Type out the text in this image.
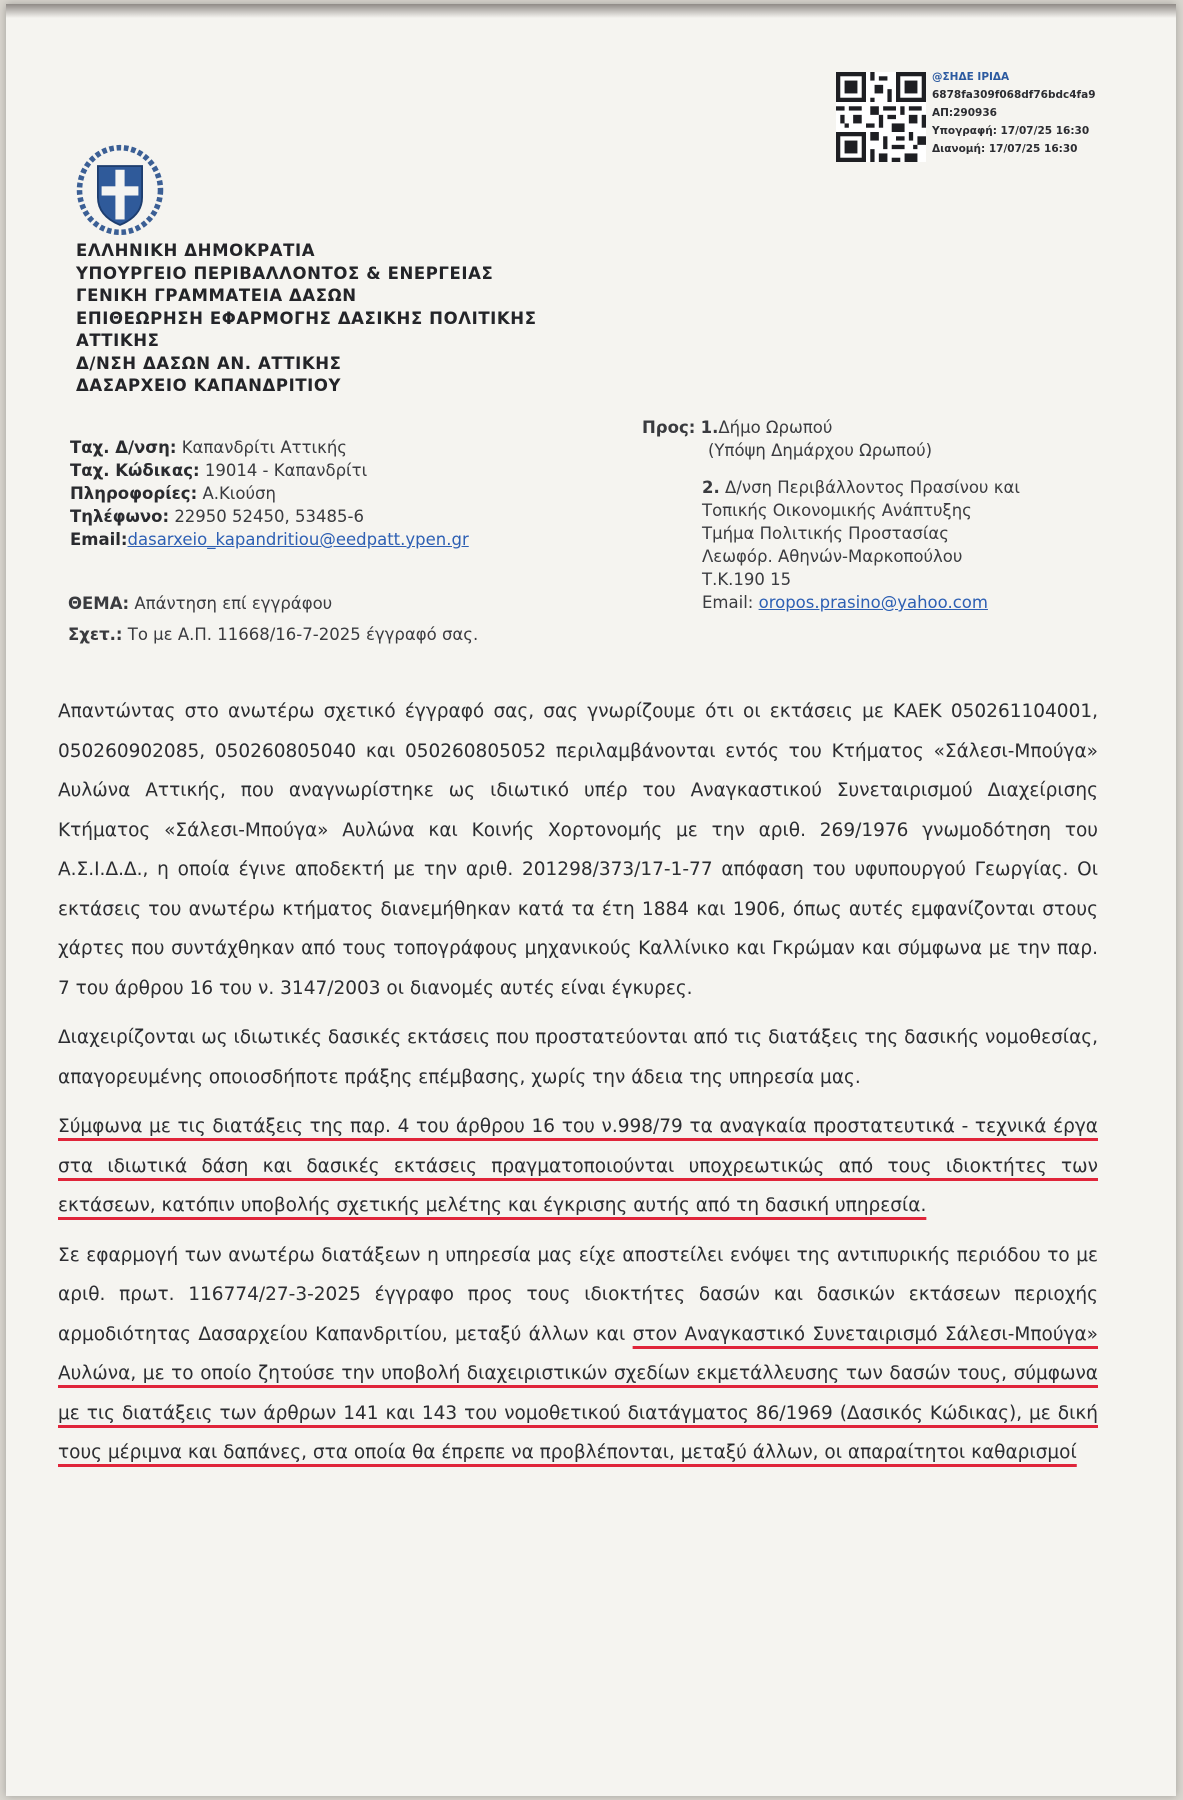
@ΣΗΔΕ ΙΡΙΔΑ
6878fa309f068df76bdc4fa9
ΑΠ:290936
Υπογραφή: 17/07/25 16:30
Διανομή: 17/07/25 16:30
ΕΛΛΗΝΙΚΗ ΔΗΜΟΚΡΑΤΙΑ
ΥΠΟΥΡΓΕΙΟ ΠΕΡΙΒΑΛΛΟΝΤΟΣ & ΕΝΕΡΓΕΙΑΣ
ΓΕΝΙΚΗ ΓΡΑΜΜΑΤΕΙΑ ΔΑΣΩΝ
ΕΠΙΘΕΩΡΗΣΗ ΕΦΑΡΜΟΓΗΣ ΔΑΣΙΚΗΣ ΠΟΛΙΤΙΚΗΣ
ΑΤΤΙΚΗΣ
Δ/ΝΣΗ ΔΑΣΩΝ ΑΝ. ΑΤΤΙΚΗΣ
ΔΑΣΑΡΧΕΙΟ ΚΑΠΑΝΔΡΙΤΙΟΥ
Ταχ. Δ/νση: Καπανδρίτι Αττικής
Ταχ. Κώδικας: 19014 - Καπανδρίτι
Πληροφορίες: Α.Κιούση
Τηλέφωνο: 22950 52450, 53485-6
Email:dasarxeio_kapandritiou@eedpatt.ypen.gr
Προς: 1.Δήμο Ωρωπού
(Υπόψη Δημάρχου Ωρωπού)
2. Δ/νση Περιβάλλοντος Πρασίνου και
Τοπικής Οικονομικής Ανάπτυξης
Τμήμα Πολιτικής Προστασίας
Λεωφόρ. Αθηνών-Μαρκοπούλου
Τ.Κ.190 15
Email: oropos.prasino@yahoo.com
ΘΕΜΑ: Απάντηση επί εγγράφου
Σχετ.: Το με Α.Π. 11668/16-7-2025 έγγραφό σας.

Απαντώντας στο ανωτέρω σχετικό έγγραφό σας, σας γνωρίζουμε ότι οι εκτάσεις με ΚΑΕΚ 050261104001, 050260902085, 050260805040 και 050260805052 περιλαμβάνονται εντός του Κτήματος «Σάλεσι-Μπούγα» Αυλώνα Αττικής, που αναγνωρίστηκε ως ιδιωτικό υπέρ του Αναγκαστικού Συνεταιρισμού Διαχείρισης Κτήματος «Σάλεσι-Μπούγα» Αυλώνα και Κοινής Χορτονομής με την αριθ. 269/1976 γνωμοδότηση του Α.Σ.Ι.Δ.Δ., η οποία έγινε αποδεκτή με την αριθ. 201298/373/17-1-77 απόφαση του υφυπουργού Γεωργίας. Οι εκτάσεις του ανωτέρω κτήματος διανεμήθηκαν κατά τα έτη 1884 και 1906, όπως αυτές εμφανίζονται στους χάρτες που συντάχθηκαν από τους τοπογράφους μηχανικούς Καλλίνικο και Γκρώμαν και σύμφωνα με την παρ. 7 του άρθρου 16 του ν. 3147/2003 οι διανομές αυτές είναι έγκυρες.

Διαχειρίζονται ως ιδιωτικές δασικές εκτάσεις που προστατεύονται από τις διατάξεις της δασικής νομοθεσίας, απαγορευμένης οποιοσδήποτε πράξης επέμβασης, χωρίς την άδεια της υπηρεσία μας.

Σύμφωνα με τις διατάξεις της παρ. 4 του άρθρου 16 του ν.998/79 τα αναγκαία προστατευτικά - τεχνικά έργα στα ιδιωτικά δάση και δασικές εκτάσεις πραγματοποιούνται υποχρεωτικώς από τους ιδιοκτήτες των εκτάσεων, κατόπιν υποβολής σχετικής μελέτης και έγκρισης αυτής από τη δασική υπηρεσία.

Σε εφαρμογή των ανωτέρω διατάξεων η υπηρεσία μας είχε αποστείλει ενόψει της αντιπυρικής περιόδου το με αριθ. πρωτ. 116774/27-3-2025 έγγραφο προς τους ιδιοκτήτες δασών και δασικών εκτάσεων περιοχής αρμοδιότητας Δασαρχείου Καπανδριτίου, μεταξύ άλλων και στον Αναγκαστικό Συνεταιρισμό Σάλεσι-Μπούγα» Αυλώνα, με το οποίο ζητούσε την υποβολή διαχειριστικών σχεδίων εκμετάλλευσης των δασών τους, σύμφωνα με τις διατάξεις των άρθρων 141 και 143 του νομοθετικού διατάγματος 86/1969 (Δασικός Κώδικας), με δική τους μέριμνα και δαπάνες, στα οποία θα έπρεπε να προβλέπονται, μεταξύ άλλων, οι απαραίτητοι καθαρισμοί
